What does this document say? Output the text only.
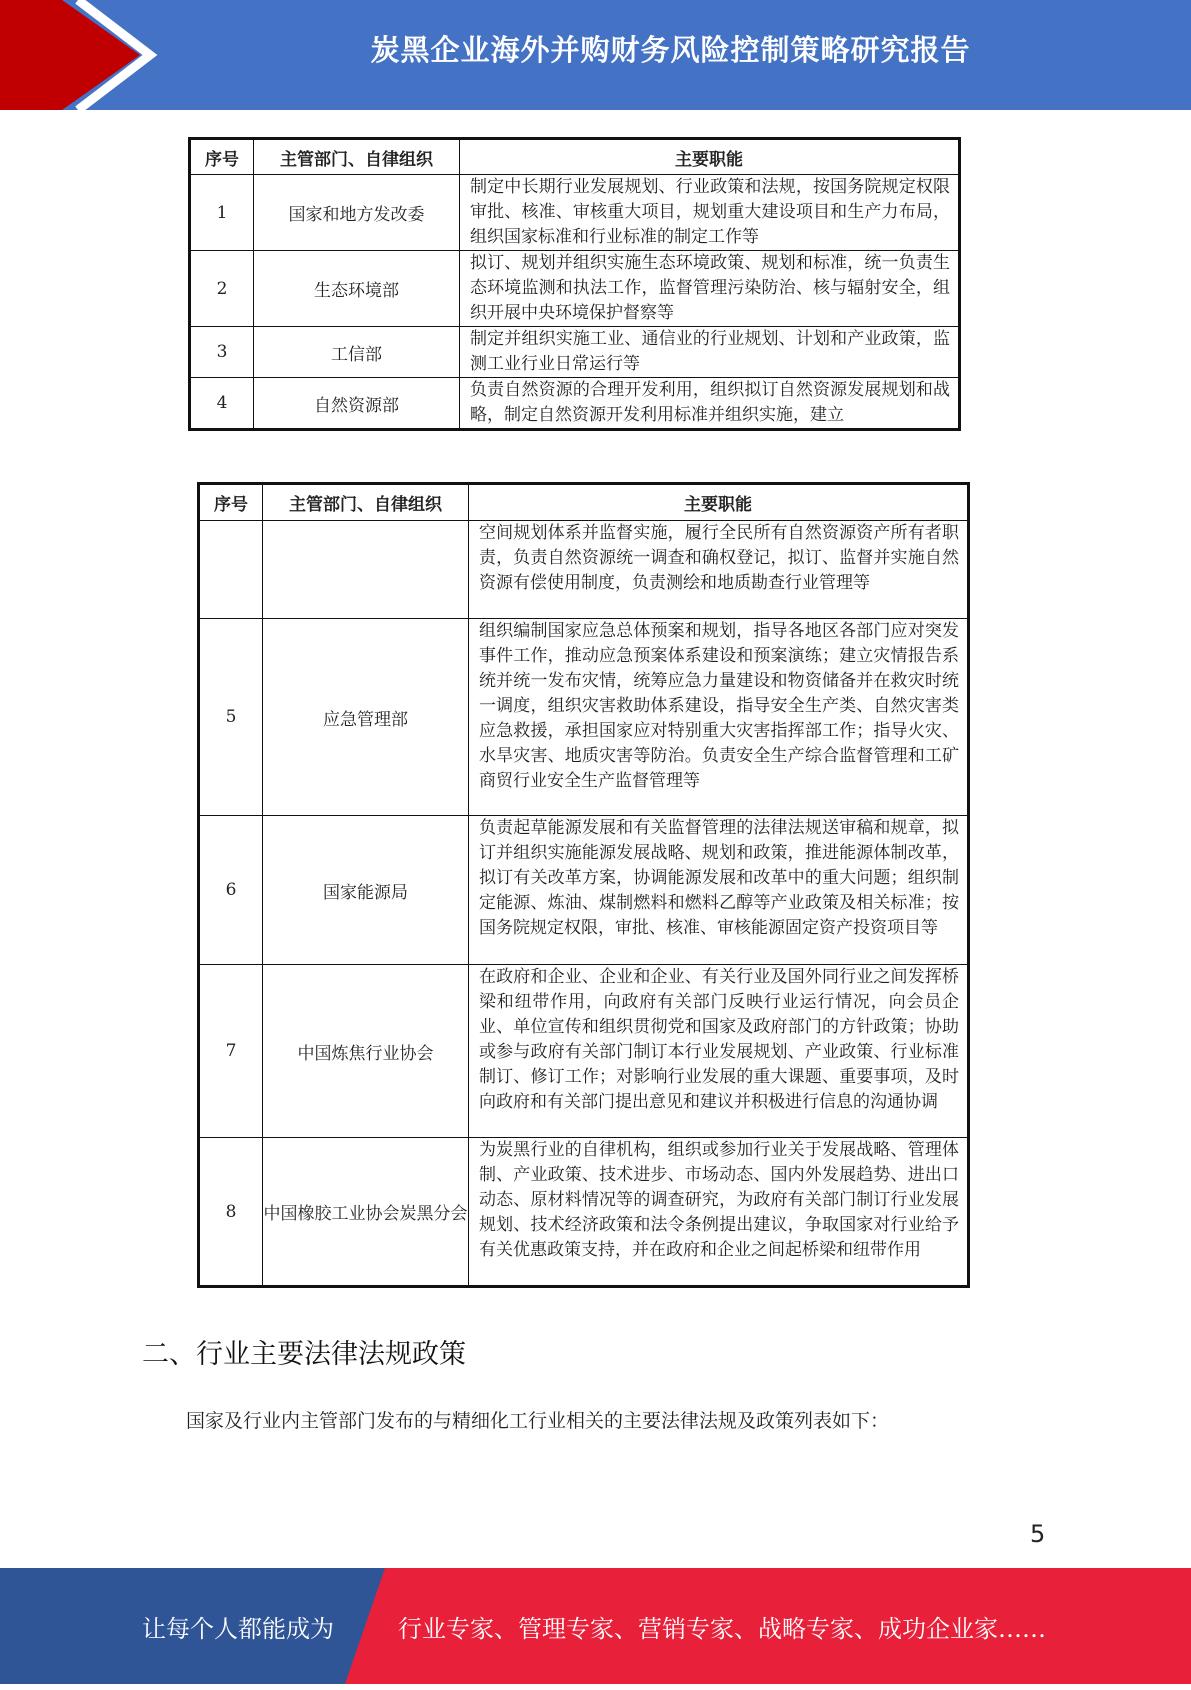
炭黑企业海外并购财务风险控制策略研究报告
序号	主管部门、自律组织	主要职能
1	国家和地方发改委	制定中长期行业发展规划、行业政策和法规，按国务院规定权限审批、核准、审核重大项目，规划重大建设项目和生产力布局，组织国家标准和行业标准的制定工作等
2	生态环境部	拟订、规划并组织实施生态环境政策、规划和标准，统一负责生态环境监测和执法工作，监督管理污染防治、核与辐射安全，组织开展中央环境保护督察等
3	工信部	制定并组织实施工业、通信业的行业规划、计划和产业政策，监测工业行业日常运行等
4	自然资源部	负责自然资源的合理开发利用，组织拟订自然资源发展规划和战略，制定自然资源开发利用标准并组织实施，建立
序号	主管部门、自律组织	主要职能
		空间规划体系并监督实施，履行全民所有自然资源资产所有者职责，负责自然资源统一调查和确权登记，拟订、监督并实施自然资源有偿使用制度，负责测绘和地质勘查行业管理等
5	应急管理部	组织编制国家应急总体预案和规划，指导各地区各部门应对突发事件工作，推动应急预案体系建设和预案演练；建立灾情报告系统并统一发布灾情，统筹应急力量建设和物资储备并在救灾时统一调度，组织灾害救助体系建设，指导安全生产类、自然灾害类应急救援，承担国家应对特别重大灾害指挥部工作；指导火灾、水旱灾害、地质灾害等防治。负责安全生产综合监督管理和工矿商贸行业安全生产监督管理等
6	国家能源局	负责起草能源发展和有关监督管理的法律法规送审稿和规章，拟订并组织实施能源发展战略、规划和政策，推进能源体制改革，拟订有关改革方案，协调能源发展和改革中的重大问题；组织制定能源、炼油、煤制燃料和燃料乙醇等产业政策及相关标准；按国务院规定权限，审批、核准、审核能源固定资产投资项目等
7	中国炼焦行业协会	在政府和企业、企业和企业、有关行业及国外同行业之间发挥桥梁和纽带作用，向政府有关部门反映行业运行情况，向会员企业、单位宣传和组织贯彻党和国家及政府部门的方针政策；协助或参与政府有关部门制订本行业发展规划、产业政策、行业标准制订、修订工作；对影响行业发展的重大课题、重要事项，及时向政府和有关部门提出意见和建议并积极进行信息的沟通协调
8	中国橡胶工业协会炭黑分会	为炭黑行业的自律机构，组织或参加行业关于发展战略、管理体制、产业政策、技术进步、市场动态、国内外发展趋势、进出口动态、原材料情况等的调查研究，为政府有关部门制订行业发展规划、技术经济政策和法令条例提出建议，争取国家对行业给予有关优惠政策支持，并在政府和企业之间起桥梁和纽带作用
二、行业主要法律法规政策
国家及行业内主管部门发布的与精细化工行业相关的主要法律法规及政策列表如下：
5
让每个人都能成为	行业专家、管理专家、营销专家、战略专家、成功企业家……
